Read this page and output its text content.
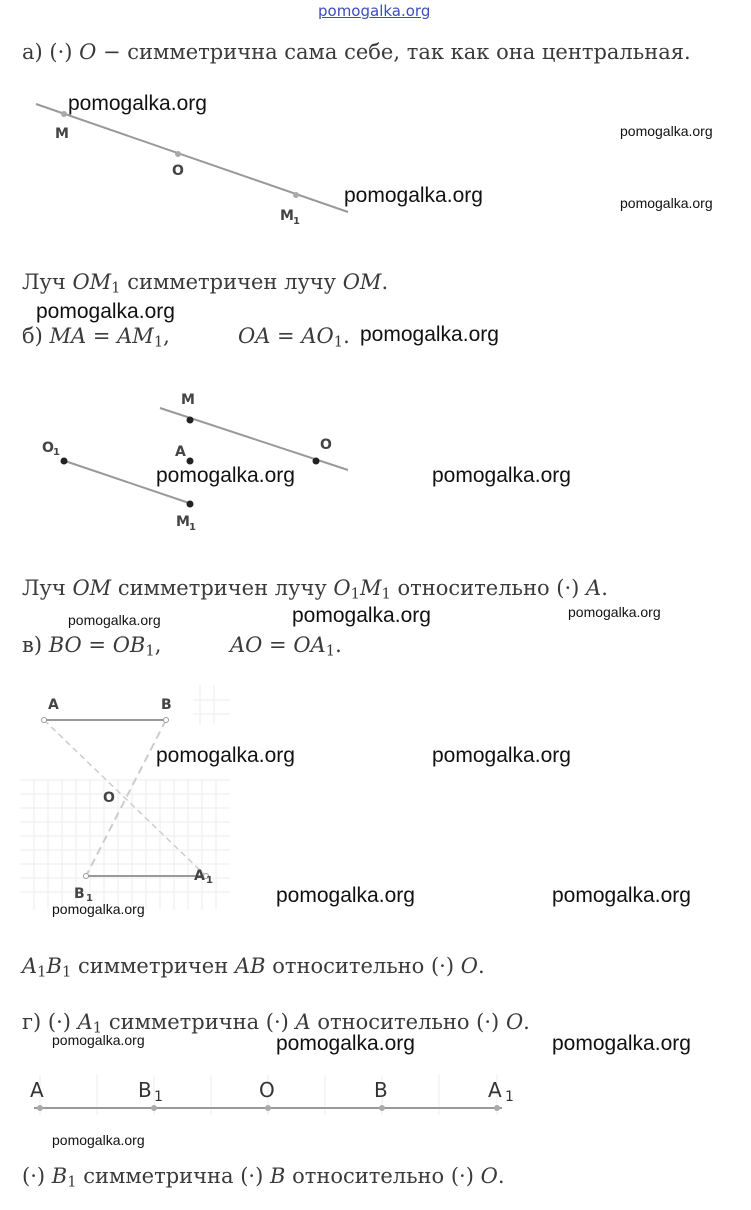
pomogalka.org
а) (·) O − симметрична сама себе, так как она центральная.
M
O
M 1
pomogalka.org
pomogalka.org
pomogalka.org	pomogalka.org
Луч $OM_1$ симметричен лучу OM.
pomogalka.org
б) MA = $AM_1$,	OA = $AO_1$. pomogalka.org
M
O
O 1	A
M 1
pomogalka.org	pomogalka.org
Луч OM симметричен лучу $O_1M_1$ относительно (·) A.
pomogalka.org	pomogalka.org	pomogalka.org
в) BO = $OB_1$,	AO = $OA_1$.
A	B
O
B 1
A 1
pomogalka.org	pomogalka.org
pomogalka.org	pomogalka.org
pomogalka.org
$A_1B_1$ симметричен AB относительно (·) O.
г) (·) $A_1$ симметрична (·) A относительно (·) O.
pomogalka.org	pomogalka.org	pomogalka.org
A	B 1	O	B	A 1
pomogalka.org
(·) $B_1$ симметрична (·) B относительно (·) O.
